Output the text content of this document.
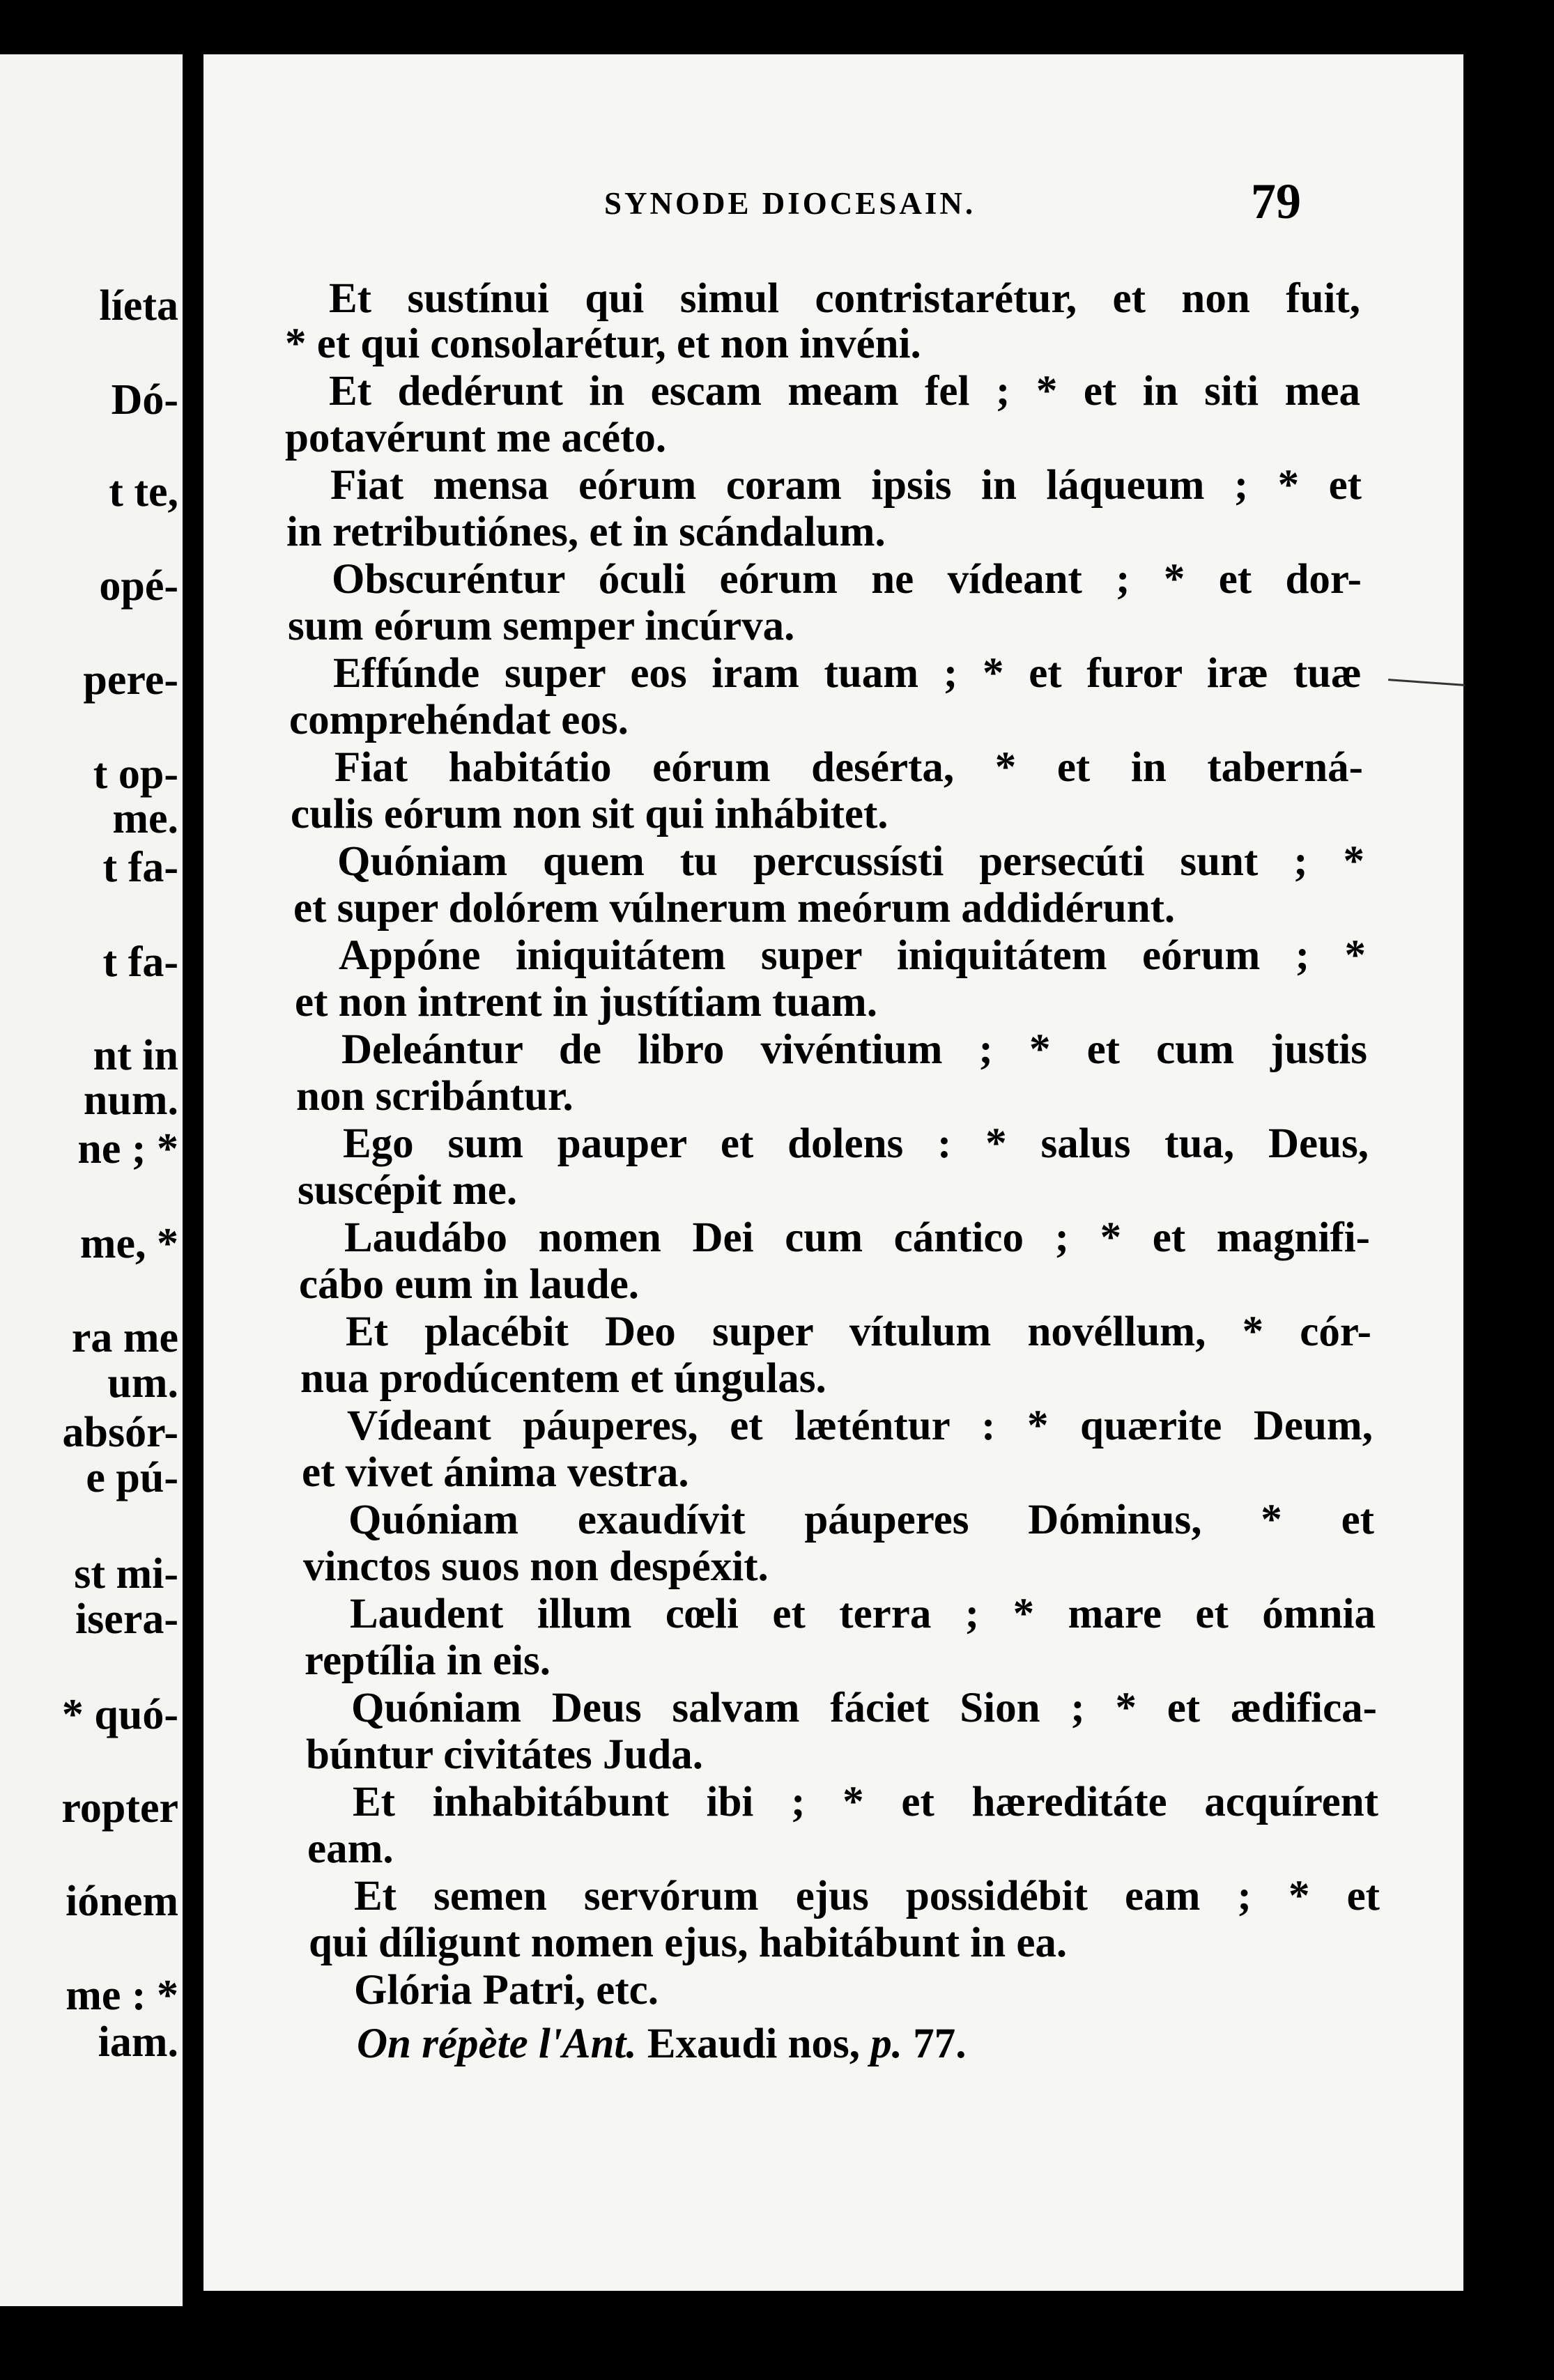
líeta
Dó-
t te,
opé-
pere-
t op-
me.
t fa-
t fa-
nt in
num.
ne ; *
me, *
ra me
um.
absór-
e pú-
st mi-
isera-
* quó-
ropter
iónem
me : *
iam.
SYNODE DIOCESAIN.	79
Et sustínui qui simul contristarétur, et non fuit,
* et qui consolarétur, et non invéni.
Et dedérunt in escam meam fel ; * et in siti mea
potavérunt me acéto.
Fiat mensa eórum coram ipsis in láqueum ; * et
in retributiónes, et in scándalum.
Obscuréntur óculi eórum ne vídeant ; * et dor-
sum eórum semper incúrva.
Effúnde super eos iram tuam ; * et furor iræ tuæ
comprehéndat eos.
Fiat habitátio eórum desérta, * et in taberná-
culis eórum non sit qui inhábitet.
Quóniam quem tu percussísti persecúti sunt ; *
et super dolórem vúlnerum meórum addidérunt.
Appóne iniquitátem super iniquitátem eórum ; *
et non intrent in justítiam tuam.
Deleántur de libro vivéntium ; * et cum justis
non scribántur.
Ego sum pauper et dolens : * salus tua, Deus,
suscépit me.
Laudábo nomen Dei cum cántico ; * et magnifi-
cábo eum in laude.
Et placébit Deo super vítulum novéllum, * cór-
nua prodúcentem et úngulas.
Vídeant páuperes, et læténtur : * quærite Deum,
et vivet ánima vestra.
Quóniam exaudívit páuperes Dóminus, * et
vinctos suos non despéxit.
Laudent illum cœli et terra ; * mare et ómnia
reptília in eis.
Quóniam Deus salvam fáciet Sion ; * et ædifica-
búntur civitátes Juda.
Et inhabitábunt ibi ; * et hæreditáte acquírent
eam.
Et semen servórum ejus possidébit eam ; * et
qui díligunt nomen ejus, habitábunt in ea.
Glória Patri, etc.
On répète l'Ant. Exaudi nos, p. 77.
